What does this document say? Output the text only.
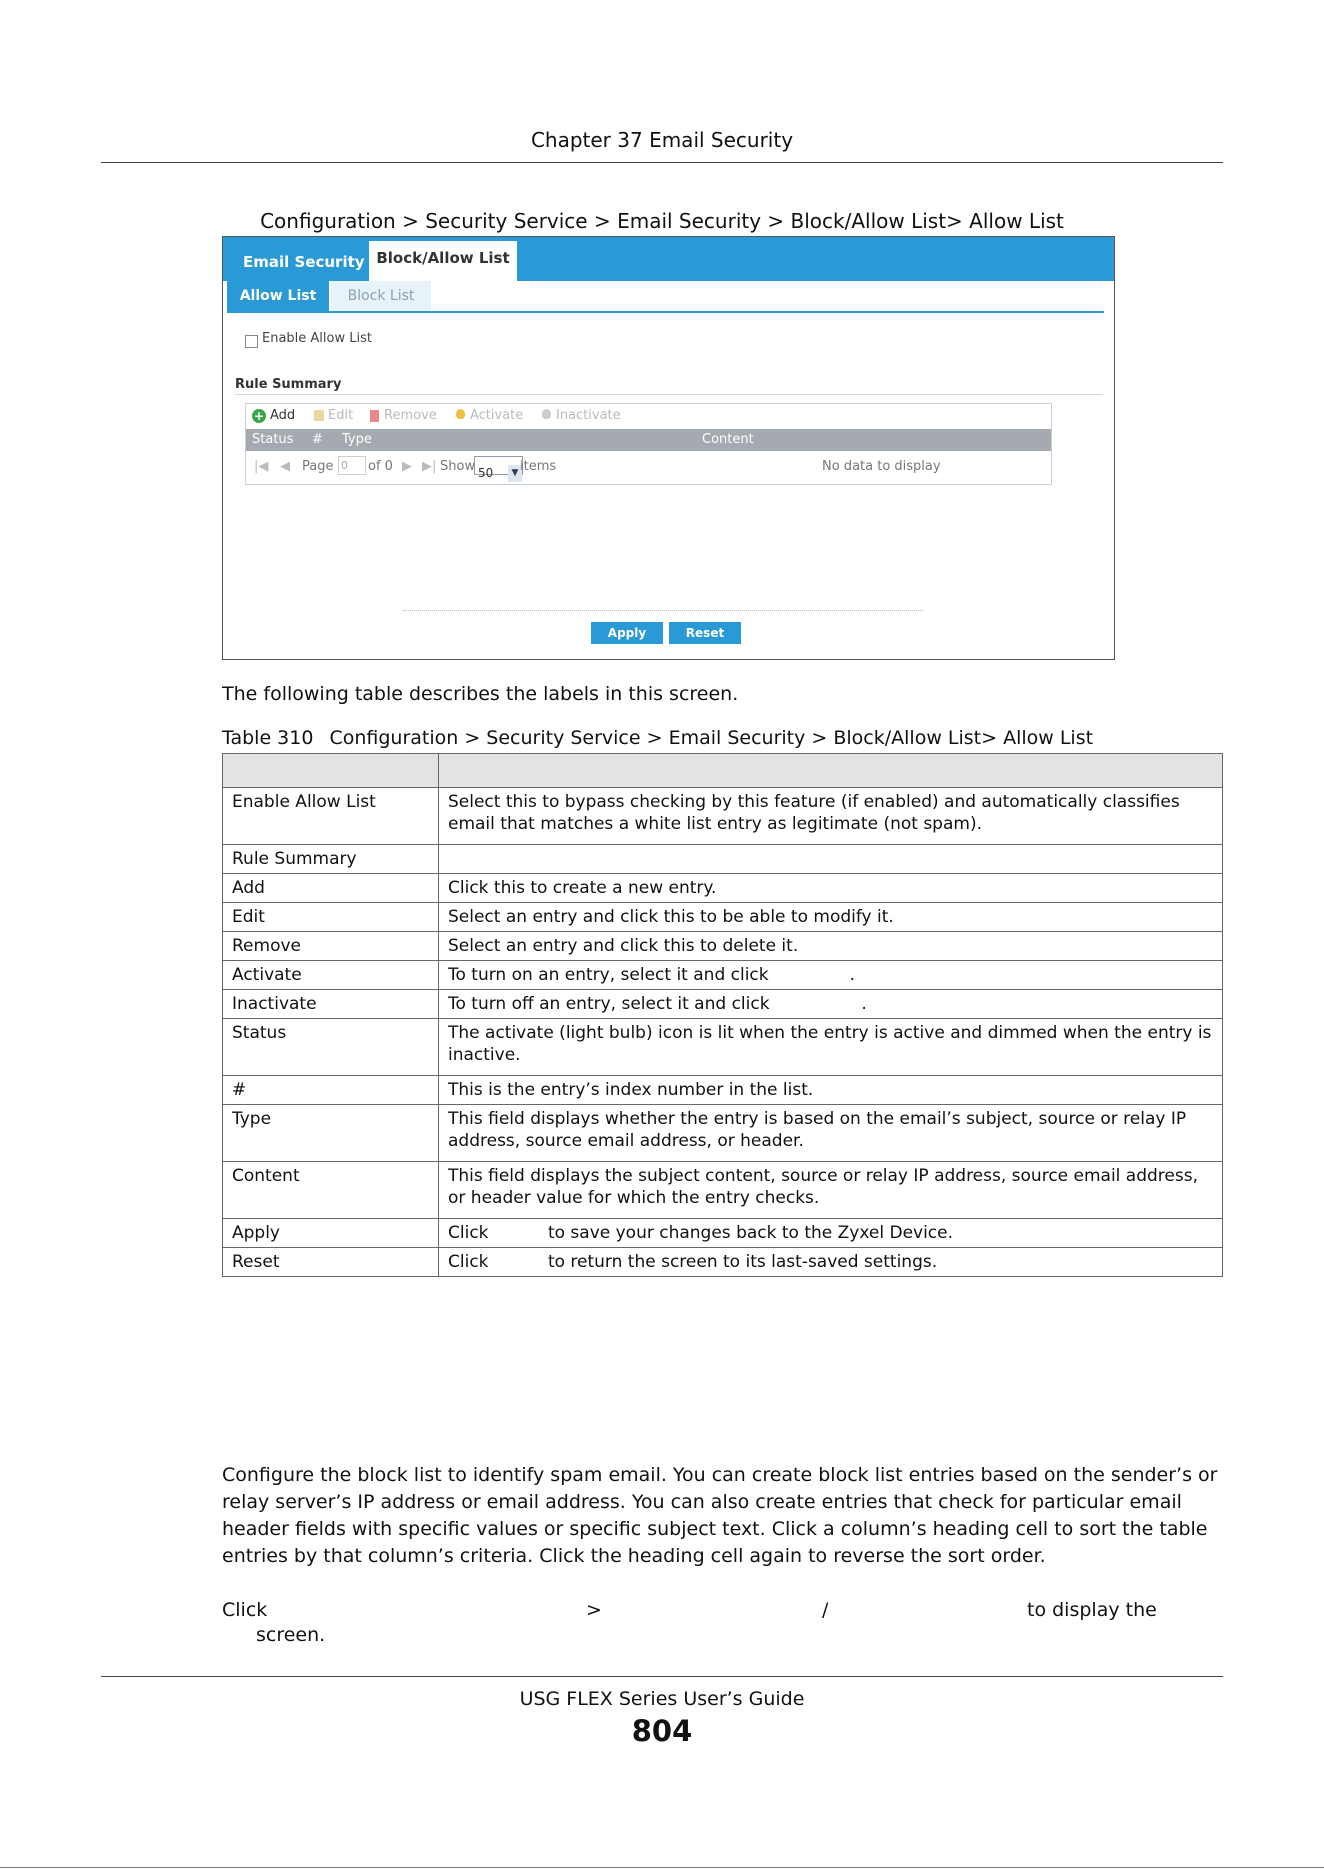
Chapter 37 Email Security
Configuration > Security Service > Email Security > Block/Allow List> Allow List
Email Security Block/Allow List
Allow List	Block List
Enable Allow List
Rule Summary
+ Add	Edit Remove	Activate	Inactivate
Status # Type	Content
|◀ ◀ Page 0	of 0 ▶ ▶| Show 50	▼ items	No data to display
Apply	Reset
The following table describes the labels in this screen.
Table 310 Configuration > Security Service > Email Security > Block/Allow List> Allow List

Enable Allow List	Select this to bypass checking by this feature (if enabled) and automatically classifies email that matches a white list entry as legitimate (not spam).
Rule Summary	
Add	Click this to create a new entry.
Edit	Select an entry and click this to be able to modify it.
Remove	Select an entry and click this to delete it.
Activate	To turn on an entry, select it and click               .
Inactivate	To turn off an entry, select it and click                 .
Status	The activate (light bulb) icon is lit when the entry is active and dimmed when the entry is inactive.
#	This is the entry’s index number in the list.
Type	This field displays whether the entry is based on the email’s subject, source or relay IP address, source email address, or header.
Content	This field displays the subject content, source or relay IP address, source email address, or header value for which the entry checks.
Apply	Click           to save your changes back to the Zyxel Device.
Reset	Click           to return the screen to its last-saved settings.
Configure the block list to identify spam email. You can create block list entries based on the sender’s or relay server’s IP address or email address. You can also create entries that check for particular email header fields with specific values or specific subject text. Click a column’s heading cell to sort the table entries by that column’s criteria. Click the heading cell again to reverse the sort order.
Click	>	/	to display the
screen.
USG FLEX Series User’s Guide
804
